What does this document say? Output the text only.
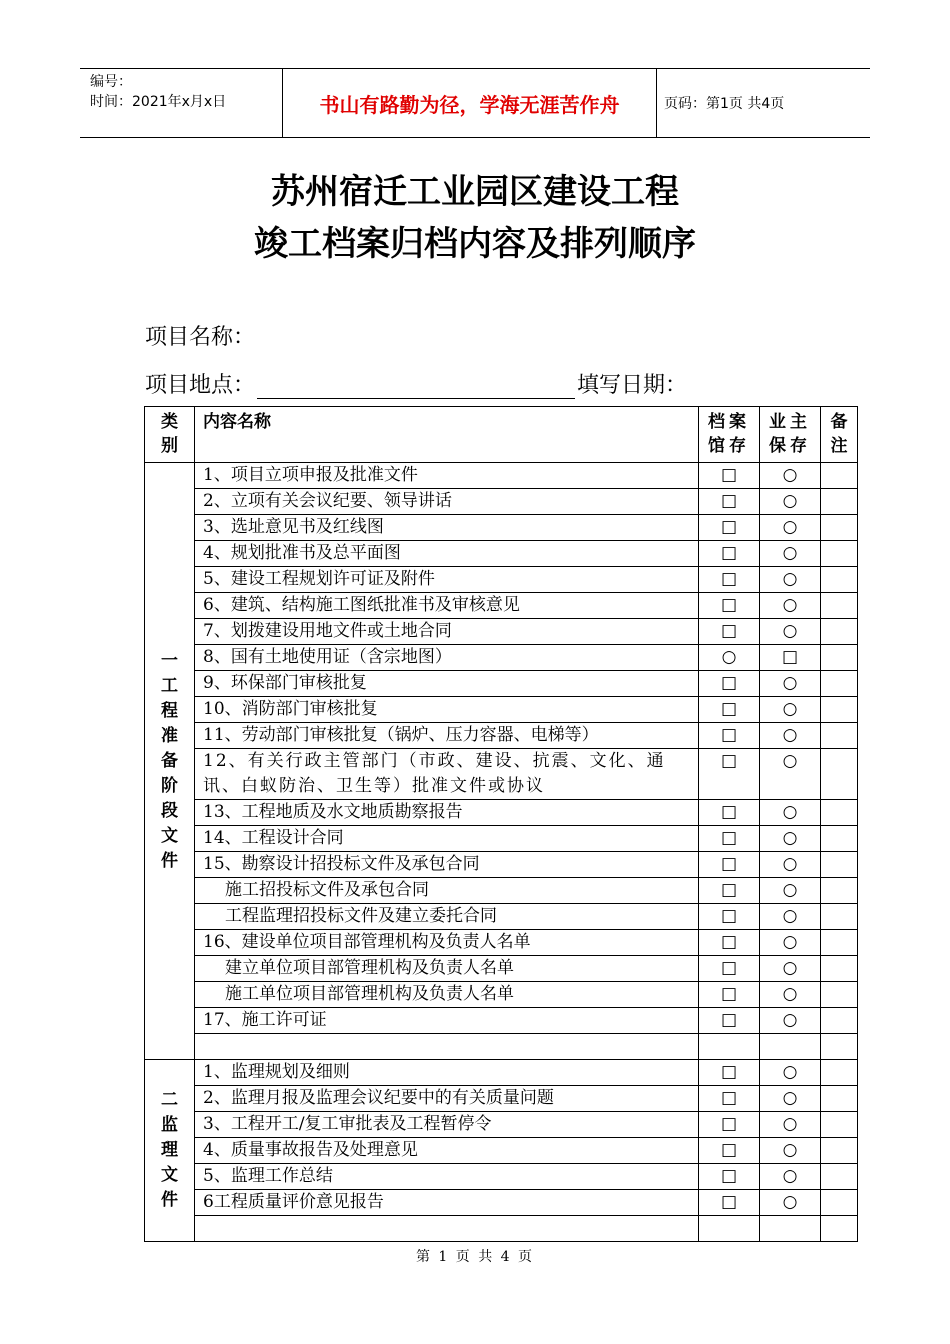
编号：
时间：2021年x月x日	书山有路勤为径，学海无涯苦作舟	页码：第1页 共4页
苏州宿迁工业园区建设工程
竣工档案归档内容及排列顺序
项目名称：
项目地点：	填写日期：
类别	内容名称	档案馆存	业主保存	备注

一工程准备阶段文件	1、项目立项申报及批准文件	□	○	
	2、立项有关会议纪要、领导讲话	□	○	
	3、选址意见书及红线图	□	○	
	4、规划批准书及总平面图	□	○	
	5、建设工程规划许可证及附件	□	○	
	6、建筑、结构施工图纸批准书及审核意见	□	○	
	7、划拨建设用地文件或土地合同	□	○	
	8、国有土地使用证（含宗地图）	○	□	
	9、环保部门审核批复	□	○	
	10、消防部门审核批复	□	○	
	11、劳动部门审核批复（锅炉、压力容器、电梯等）	□	○	
	12、有关行政主管部门（市政、建设、抗震、文化、通讯、白蚁防治、卫生等）批准文件或协议	□	○	
	13、工程地质及水文地质勘察报告	□	○	
	14、工程设计合同	□	○	
	15、勘察设计招投标文件及承包合同	□	○	
	施工招投标文件及承包合同	□	○	
	工程监理招投标文件及建立委托合同	□	○	
	16、建设单位项目部管理机构及负责人名单	□	○	
	建立单位项目部管理机构及负责人名单	□	○	
	施工单位项目部管理机构及负责人名单	□	○	
	17、施工许可证	□	○	

二监理文件	1、监理规划及细则	□	○	
	2、监理月报及监理会议纪要中的有关质量问题	□	○	
	3、工程开工/复工审批表及工程暂停令	□	○	
	4、质量事故报告及处理意见	□	○	
	5、监理工作总结	□	○	
	6工程质量评价意见报告	□	○	

第 1 页 共 4 页
